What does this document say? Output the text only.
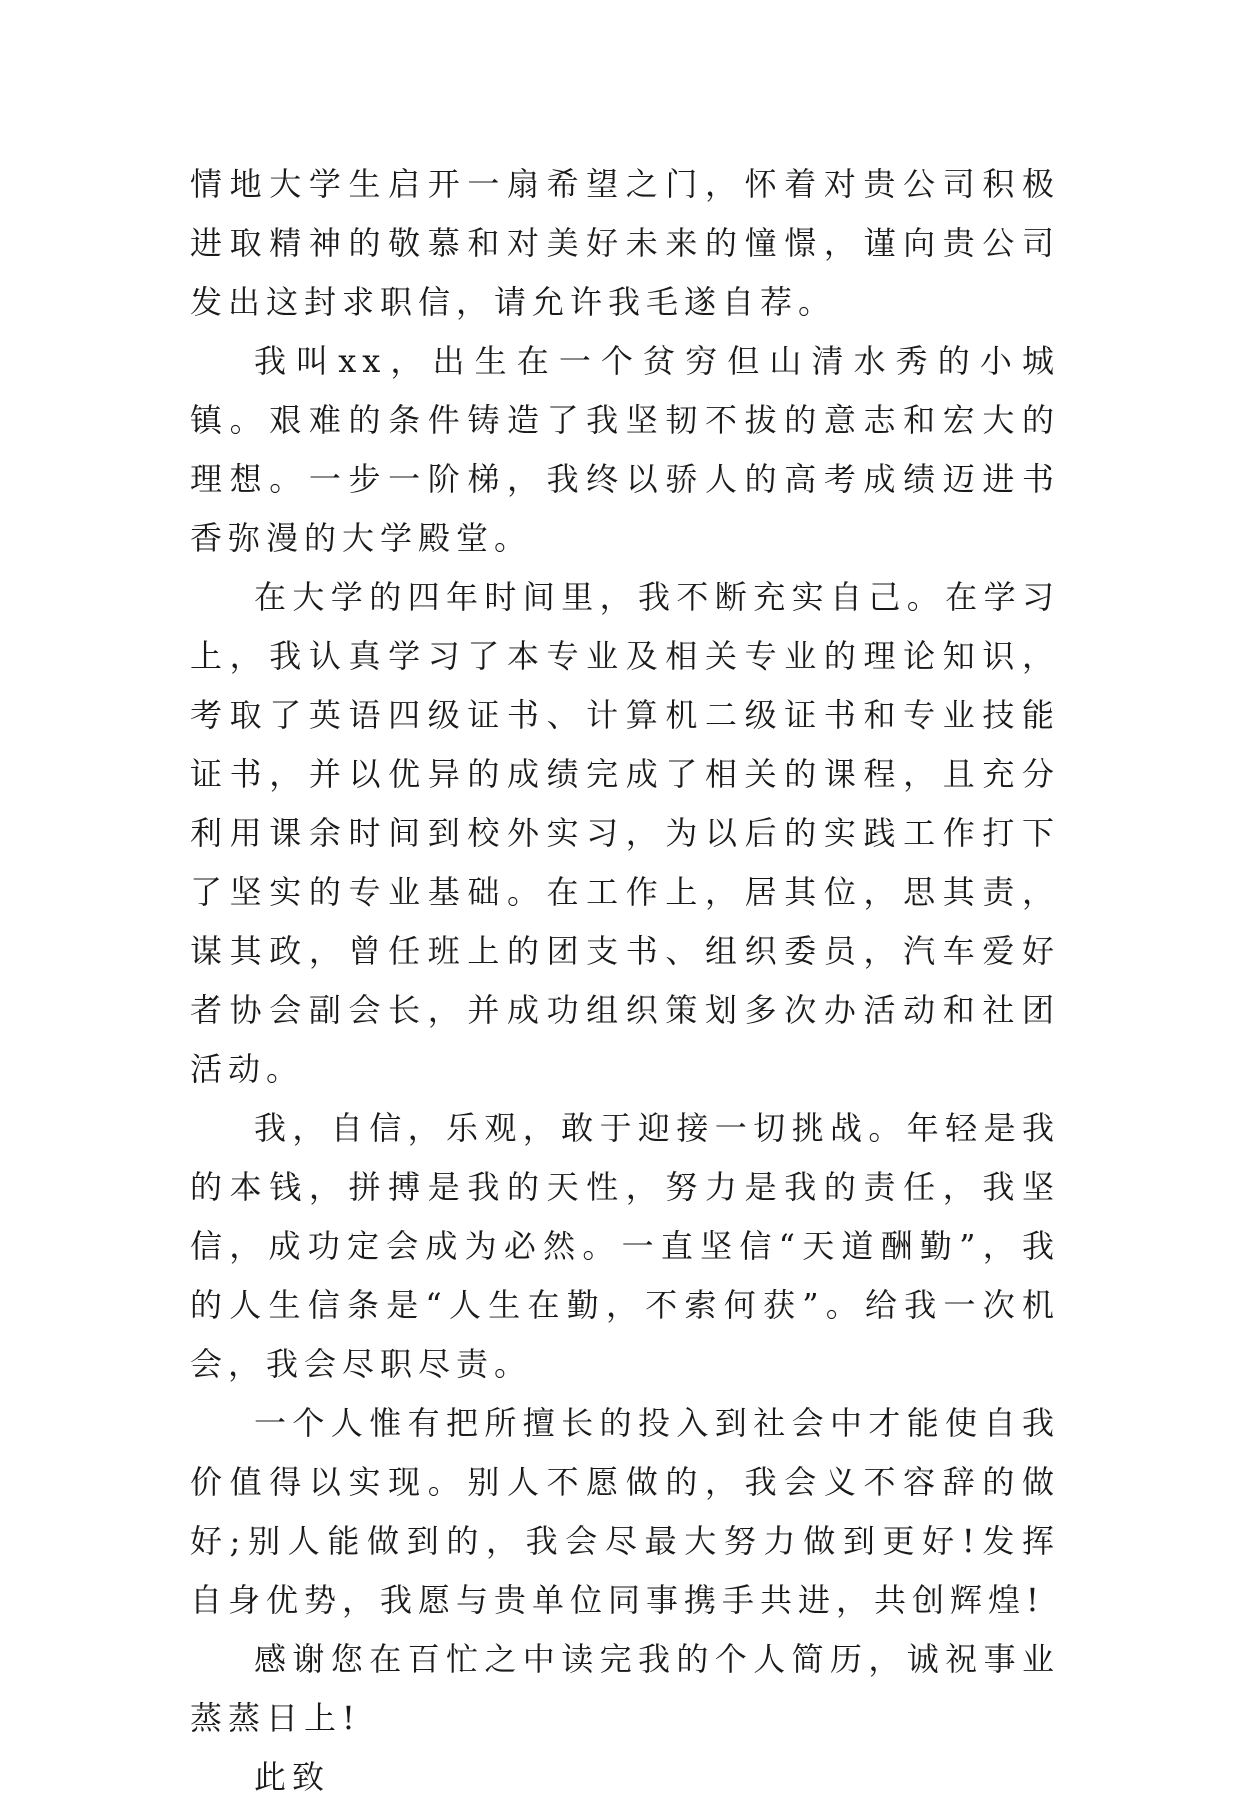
情地大学生启开一扇希望之门，怀着对贵公司积极进取精神的敬慕和对美好未来的憧憬，谨向贵公司发出这封求职信，请允许我毛遂自荐。

我叫xx，出生在一个贫穷但山清水秀的小城镇。艰难的条件铸造了我坚韧不拔的意志和宏大的理想。一步一阶梯，我终以骄人的高考成绩迈进书香弥漫的大学殿堂。

在大学的四年时间里，我不断充实自己。在学习上，我认真学习了本专业及相关专业的理论知识，考取了英语四级证书、计算机二级证书和专业技能证书，并以优异的成绩完成了相关的课程，且充分利用课余时间到校外实习，为以后的实践工作打下了坚实的专业基础。在工作上，居其位，思其责，谋其政，曾任班上的团支书、组织委员，汽车爱好者协会副会长，并成功组织策划多次办活动和社团活动。

我，自信，乐观，敢于迎接一切挑战。年轻是我的本钱，拼搏是我的天性，努力是我的责任，我坚信，成功定会成为必然。一直坚信“天道酬勤”，我的人生信条是“人生在勤，不索何获”。给我一次机会，我会尽职尽责。

一个人惟有把所擅长的投入到社会中才能使自我价值得以实现。别人不愿做的，我会义不容辞的做好;别人能做到的，我会尽最大努力做到更好!发挥自身优势，我愿与贵单位同事携手共进，共创辉煌!

感谢您在百忙之中读完我的个人简历，诚祝事业蒸蒸日上!

此致
